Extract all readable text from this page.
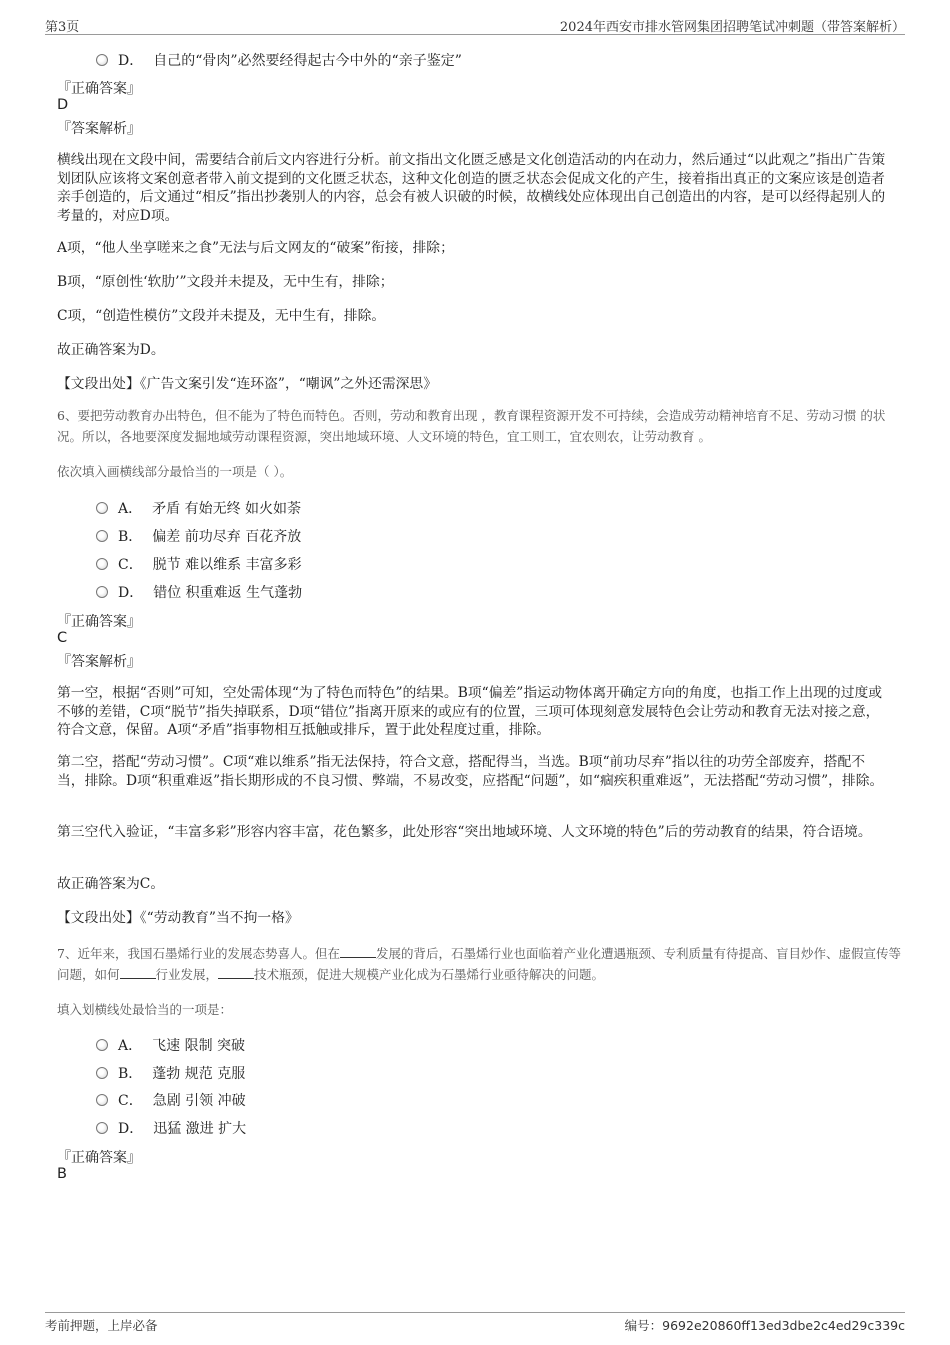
第3页	2024年西安市排水管网集团招聘笔试冲刺题（带答案解析）
D． 自己的“骨肉”必然要经得起古今中外的“亲子鉴定”
『正确答案』
D
『答案解析』
横线出现在文段中间，需要结合前后文内容进行分析。前文指出文化匮乏感是文化创造活动的内在动力，然后通过“以此观之”指出广告策划团队应该将文案创意者带入前文提到的文化匮乏状态，这种文化创造的匮乏状态会促成文化的产生，接着指出真正的文案应该是创造者亲手创造的，后文通过“相反”指出抄袭别人的内容，总会有被人识破的时候，故横线处应体现出自己创造出的内容，是可以经得起别人的考量的，对应D项。
A项，“他人坐享嗟来之食”无法与后文网友的“破案”衔接，排除；
B项，“原创性‘软肋’”文段并未提及，无中生有，排除；
C项，“创造性模仿”文段并未提及，无中生有，排除。
故正确答案为D。
【文段出处】《广告文案引发“连环盗”，“嘲讽”之外还需深思》
6、要把劳动教育办出特色，但不能为了特色而特色。否则，劳动和教育出现 ，教育课程资源开发不可持续，会造成劳动精神培育不足、劳动习惯 的状况。所以，各地要深度发掘地域劳动课程资源，突出地域环境、人文环境的特色，宜工则工，宜农则农，让劳动教育 。
依次填入画横线部分最恰当的一项是（ ）。
A． 矛盾 有始无终 如火如荼
B． 偏差 前功尽弃 百花齐放
C． 脱节 难以维系 丰富多彩
D． 错位 积重难返 生气蓬勃
『正确答案』
C
『答案解析』
第一空，根据“否则”可知，空处需体现“为了特色而特色”的结果。B项“偏差”指运动物体离开确定方向的角度，也指工作上出现的过度或不够的差错，C项“脱节”指失掉联系，D项“错位”指离开原来的或应有的位置，三项可体现刻意发展特色会让劳动和教育无法对接之意，符合文意，保留。A项“矛盾”指事物相互抵触或排斥，置于此处程度过重，排除。
第二空，搭配“劳动习惯”。C项“难以维系”指无法保持，符合文意，搭配得当，当选。B项“前功尽弃”指以往的功劳全部废弃，搭配不当，排除。D项“积重难返”指长期形成的不良习惯、弊端，不易改变，应搭配“问题”，如“痼疾积重难返”，无法搭配“劳动习惯”，排除。
第三空代入验证，“丰富多彩”形容内容丰富，花色繁多，此处形容“突出地域环境、人文环境的特色”后的劳动教育的结果，符合语境。
故正确答案为C。
【文段出处】《“劳动教育”当不拘一格》
7、近年来，我国石墨烯行业的发展态势喜人。但在	发展的背后，石墨烯行业也面临着产业化遭遇瓶颈、专利质量有待提高、盲目炒作、虚假宣传等问题，如何	行业发展，	技术瓶颈，促进大规模产业化成为石墨烯行业亟待解决的问题。
填入划横线处最恰当的一项是：
A． 飞速 限制 突破
B． 蓬勃 规范 克服
C． 急剧 引领 冲破
D． 迅猛 激进 扩大
『正确答案』
B
考前押题，上岸必备	编号：9692e20860ff13ed3dbe2c4ed29c339c
